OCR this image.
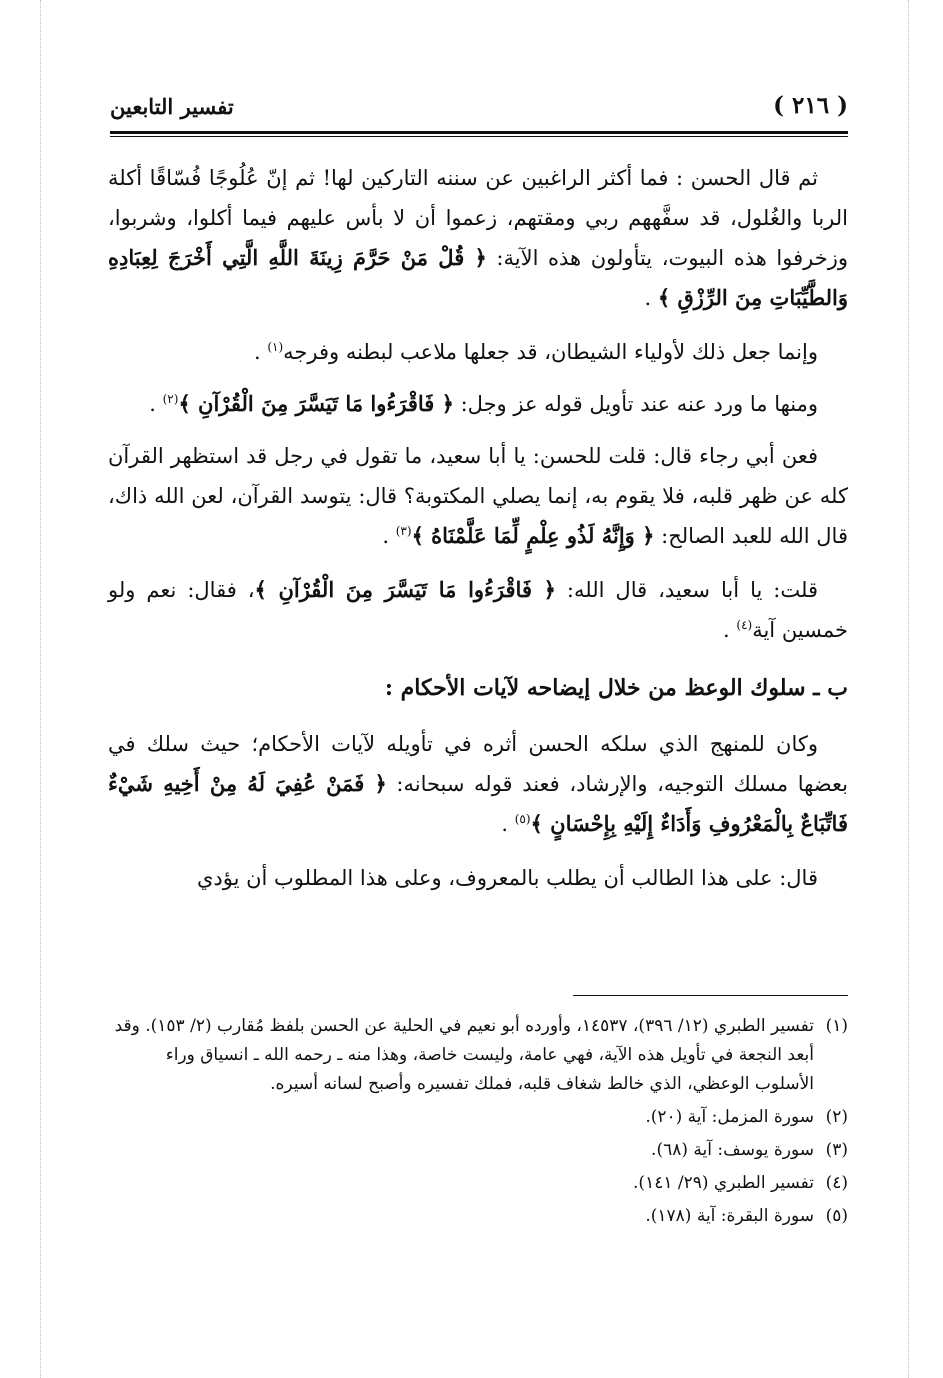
( ٢١٦ )
تفسير التابعين

ثم قال الحسن : فما أكثر الراغبين عن سننه التاركين لها! ثم إنّ عُلُوجًا فُسّاقًا أكلة الربا والغُلول، قد سفَّههم ربي ومقتهم، زعموا أن لا بأس عليهم فيما أكلوا، وشربوا، وزخرفوا هذه البيوت، يتأولون هذه الآية: ﴿ قُلْ مَنْ حَرَّمَ زِينَةَ اللَّهِ الَّتِي أَخْرَجَ لِعِبَادِهِ وَالطَّيِّبَاتِ مِنَ الرِّزْقِ ﴾ .

وإنما جعل ذلك لأولياء الشيطان، قد جعلها ملاعب لبطنه وفرجه$^{(١)}$ .

ومنها ما ورد عنه عند تأويل قوله عز وجل: ﴿ فَاقْرَءُوا مَا تَيَسَّرَ مِنَ الْقُرْآنِ ﴾$^{(٢)}$ .

فعن أبي رجاء قال: قلت للحسن: يا أبا سعيد، ما تقول في رجل قد استظهر القرآن كله عن ظهر قلبه، فلا يقوم به، إنما يصلي المكتوبة؟ قال: يتوسد القرآن، لعن الله ذاك، قال الله للعبد الصالح: ﴿ وَإِنَّهُ لَذُو عِلْمٍ لِّمَا عَلَّمْنَاهُ ﴾$^{(٣)}$ .

قلت: يا أبا سعيد، قال الله: ﴿ فَاقْرَءُوا مَا تَيَسَّرَ مِنَ الْقُرْآنِ ﴾، فقال: نعم ولو خمسين آية$^{(٤)}$ .

ب ـ سلوك الوعظ من خلال إيضاحه لآيات الأحكام :

وكان للمنهج الذي سلكه الحسن أثره في تأويله لآيات الأحكام؛ حيث سلك في بعضها مسلك التوجيه، والإرشاد، فعند قوله سبحانه: ﴿ فَمَنْ عُفِيَ لَهُ مِنْ أَخِيهِ شَيْءٌ فَاتِّبَاعٌ بِالْمَعْرُوفِ وَأَدَاءٌ إِلَيْهِ بِإِحْسَانٍ ﴾$^{(٥)}$ .

قال: على هذا الطالب أن يطلب بالمعروف، وعلى هذا المطلوب أن يؤدي

(١)
تفسير الطبري (١٢/ ٣٩٦)، ١٤٥٣٧، وأورده أبو نعيم في الحلية عن الحسن بلفظ مُقارب (٢/ ١٥٣). وقد أبعد النجعة في تأويل هذه الآية، فهي عامة، وليست خاصة، وهذا منه ـ رحمه الله ـ انسياق وراء الأسلوب الوعظي، الذي خالط شغاف قلبه، فملك تفسيره وأصبح لسانه أسيره.
(٢)
سورة المزمل: آية (٢٠).
(٣)
سورة يوسف: آية (٦٨).
(٤)
تفسير الطبري (٢٩/ ١٤١).
(٥)
سورة البقرة: آية (١٧٨).
